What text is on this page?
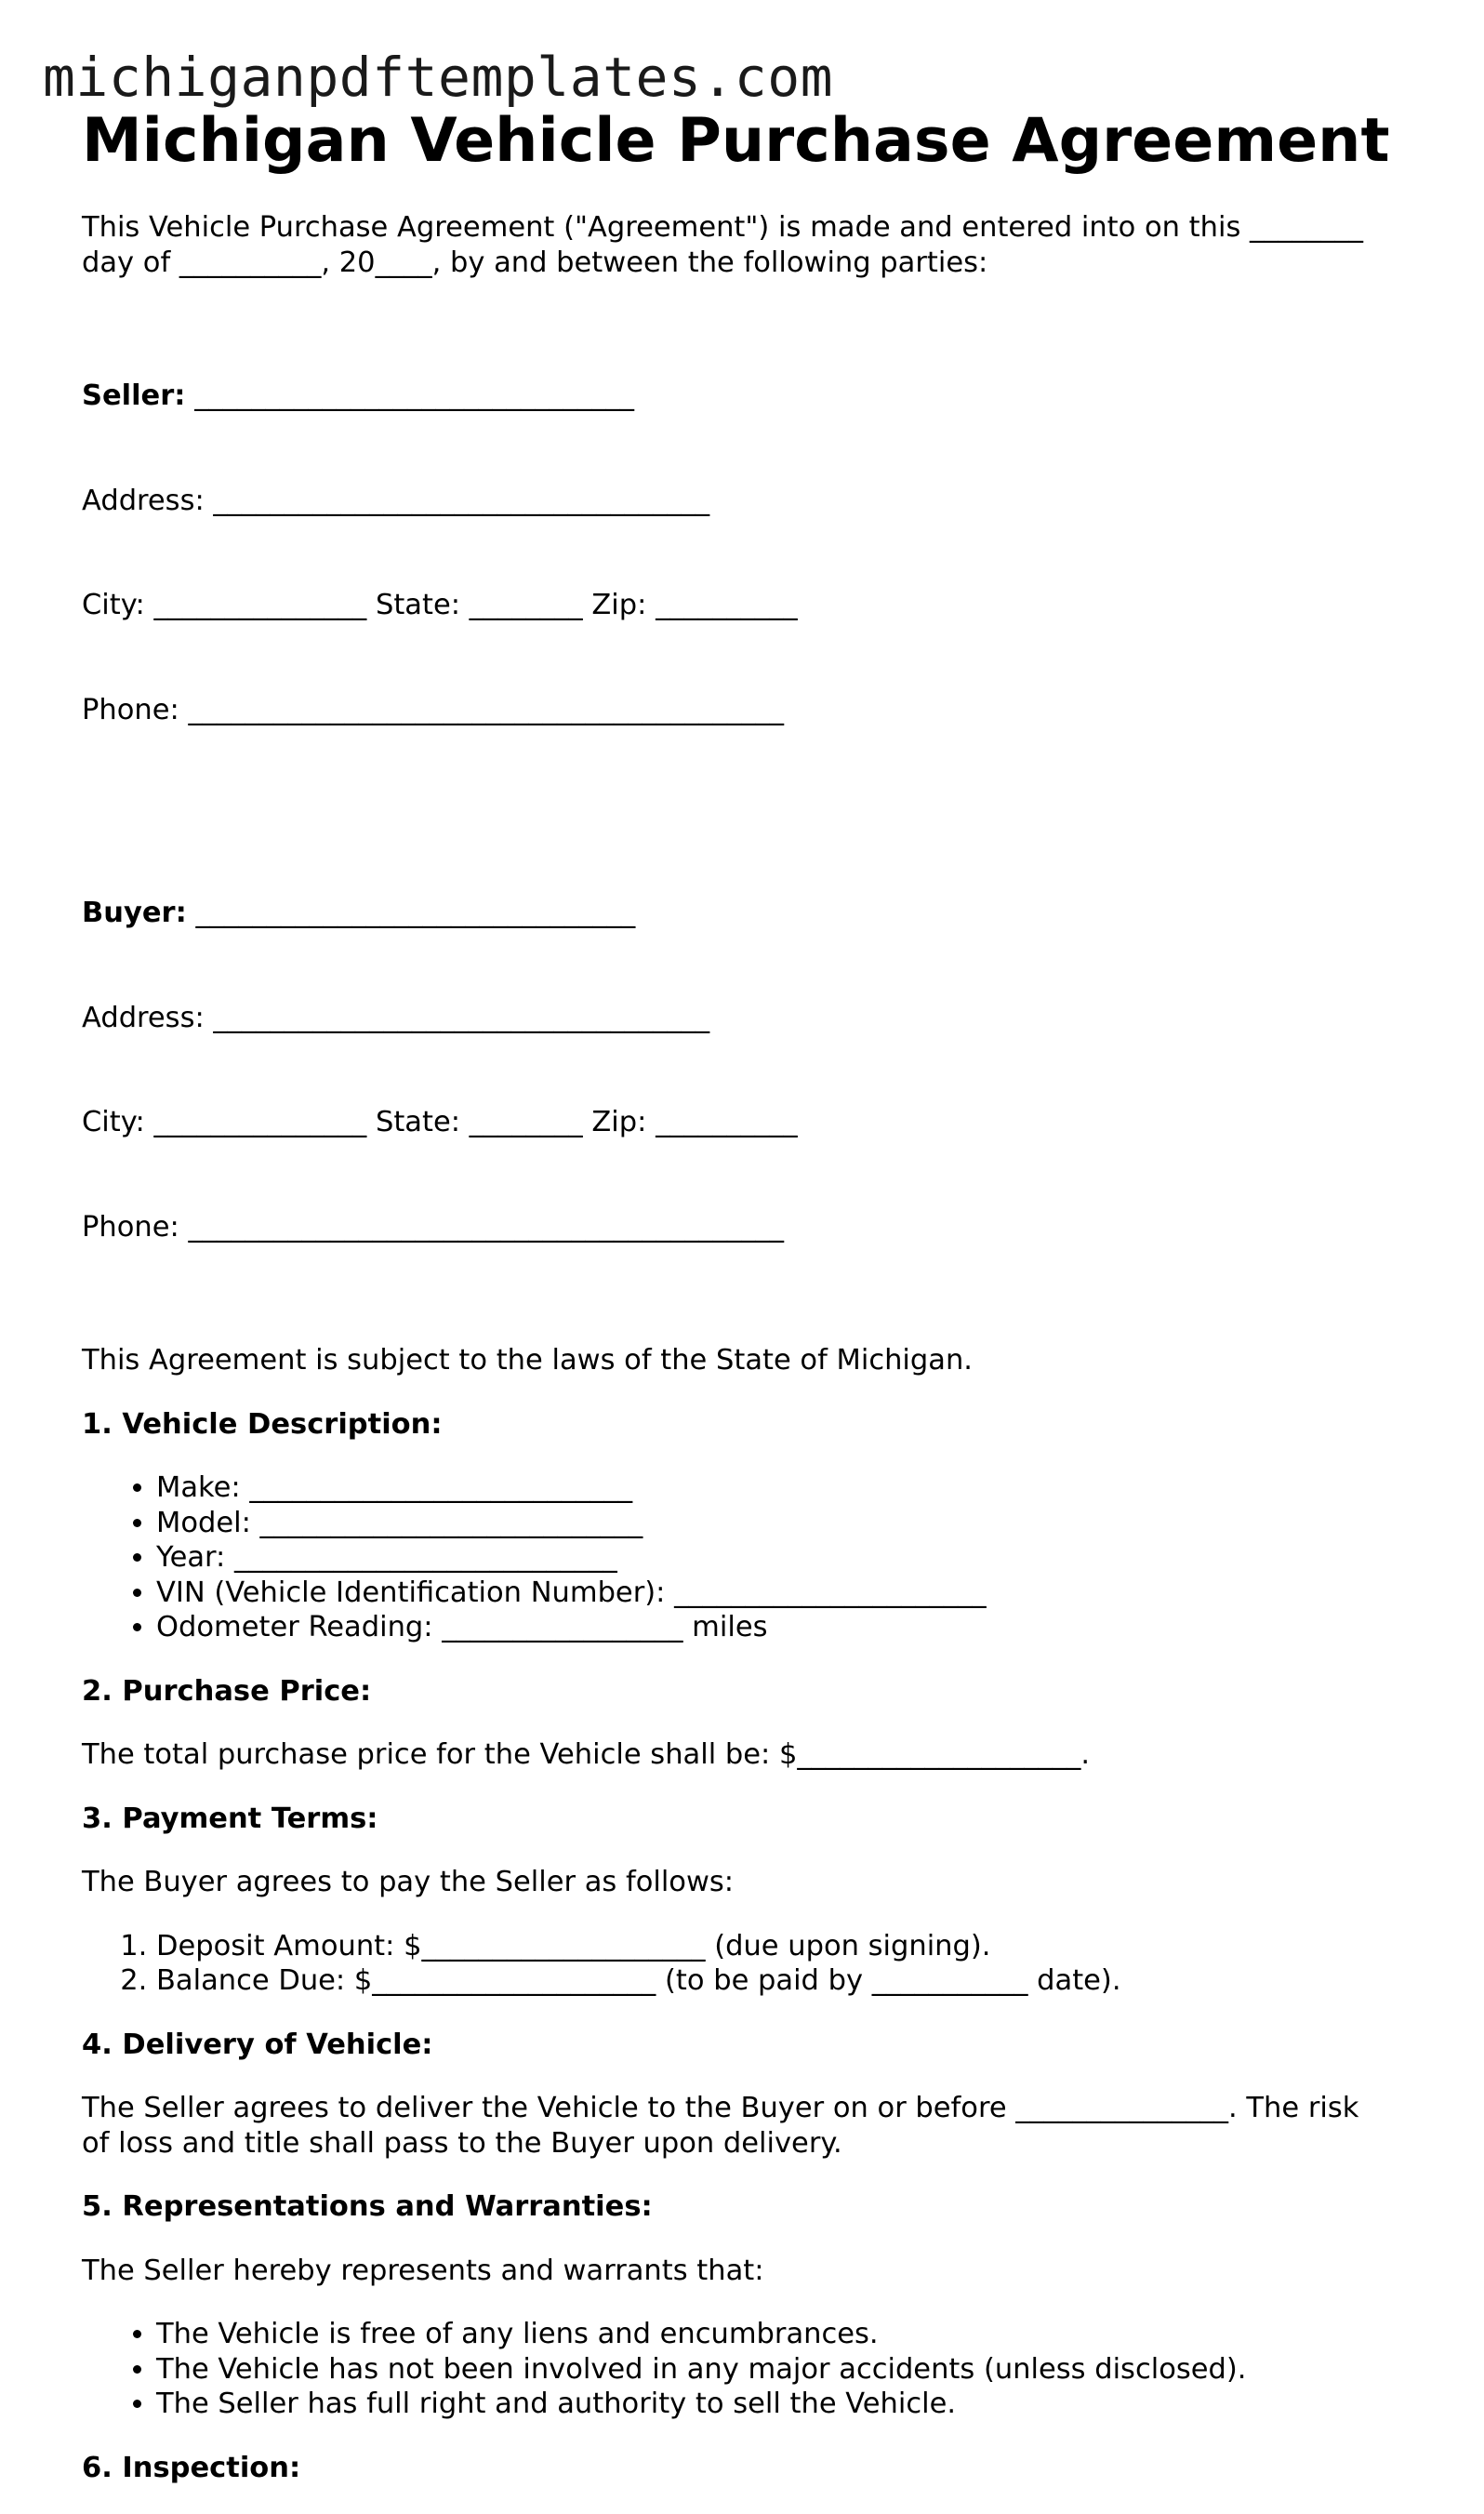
michiganpdftemplates.com
Michigan Vehicle Purchase Agreement
This Vehicle Purchase Agreement ("Agreement") is made and entered into on this ________
day of __________, 20____, by and between the following parties:

Seller: _______________________________

Address: ___________________________________

City: _______________ State: ________ Zip: __________

Phone: __________________________________________

Buyer: _______________________________

Address: ___________________________________

City: _______________ State: ________ Zip: __________

Phone: __________________________________________

This Agreement is subject to the laws of the State of Michigan.
1. Vehicle Description:
• Make: ___________________________
• Model: ___________________________
• Year: ___________________________
• VIN (Vehicle Identification Number): ______________________
• Odometer Reading: _________________ miles
2. Purchase Price:
The total purchase price for the Vehicle shall be: $____________________.
3. Payment Terms:
The Buyer agrees to pay the Seller as follows:
1. Deposit Amount: $____________________ (due upon signing).
2. Balance Due: $____________________ (to be paid by ___________ date).
4. Delivery of Vehicle:
The Seller agrees to deliver the Vehicle to the Buyer on or before _______________. The risk
of loss and title shall pass to the Buyer upon delivery.
5. Representations and Warranties:
The Seller hereby represents and warrants that:
• The Vehicle is free of any liens and encumbrances.
• The Vehicle has not been involved in any major accidents (unless disclosed).
• The Seller has full right and authority to sell the Vehicle.
6. Inspection:
